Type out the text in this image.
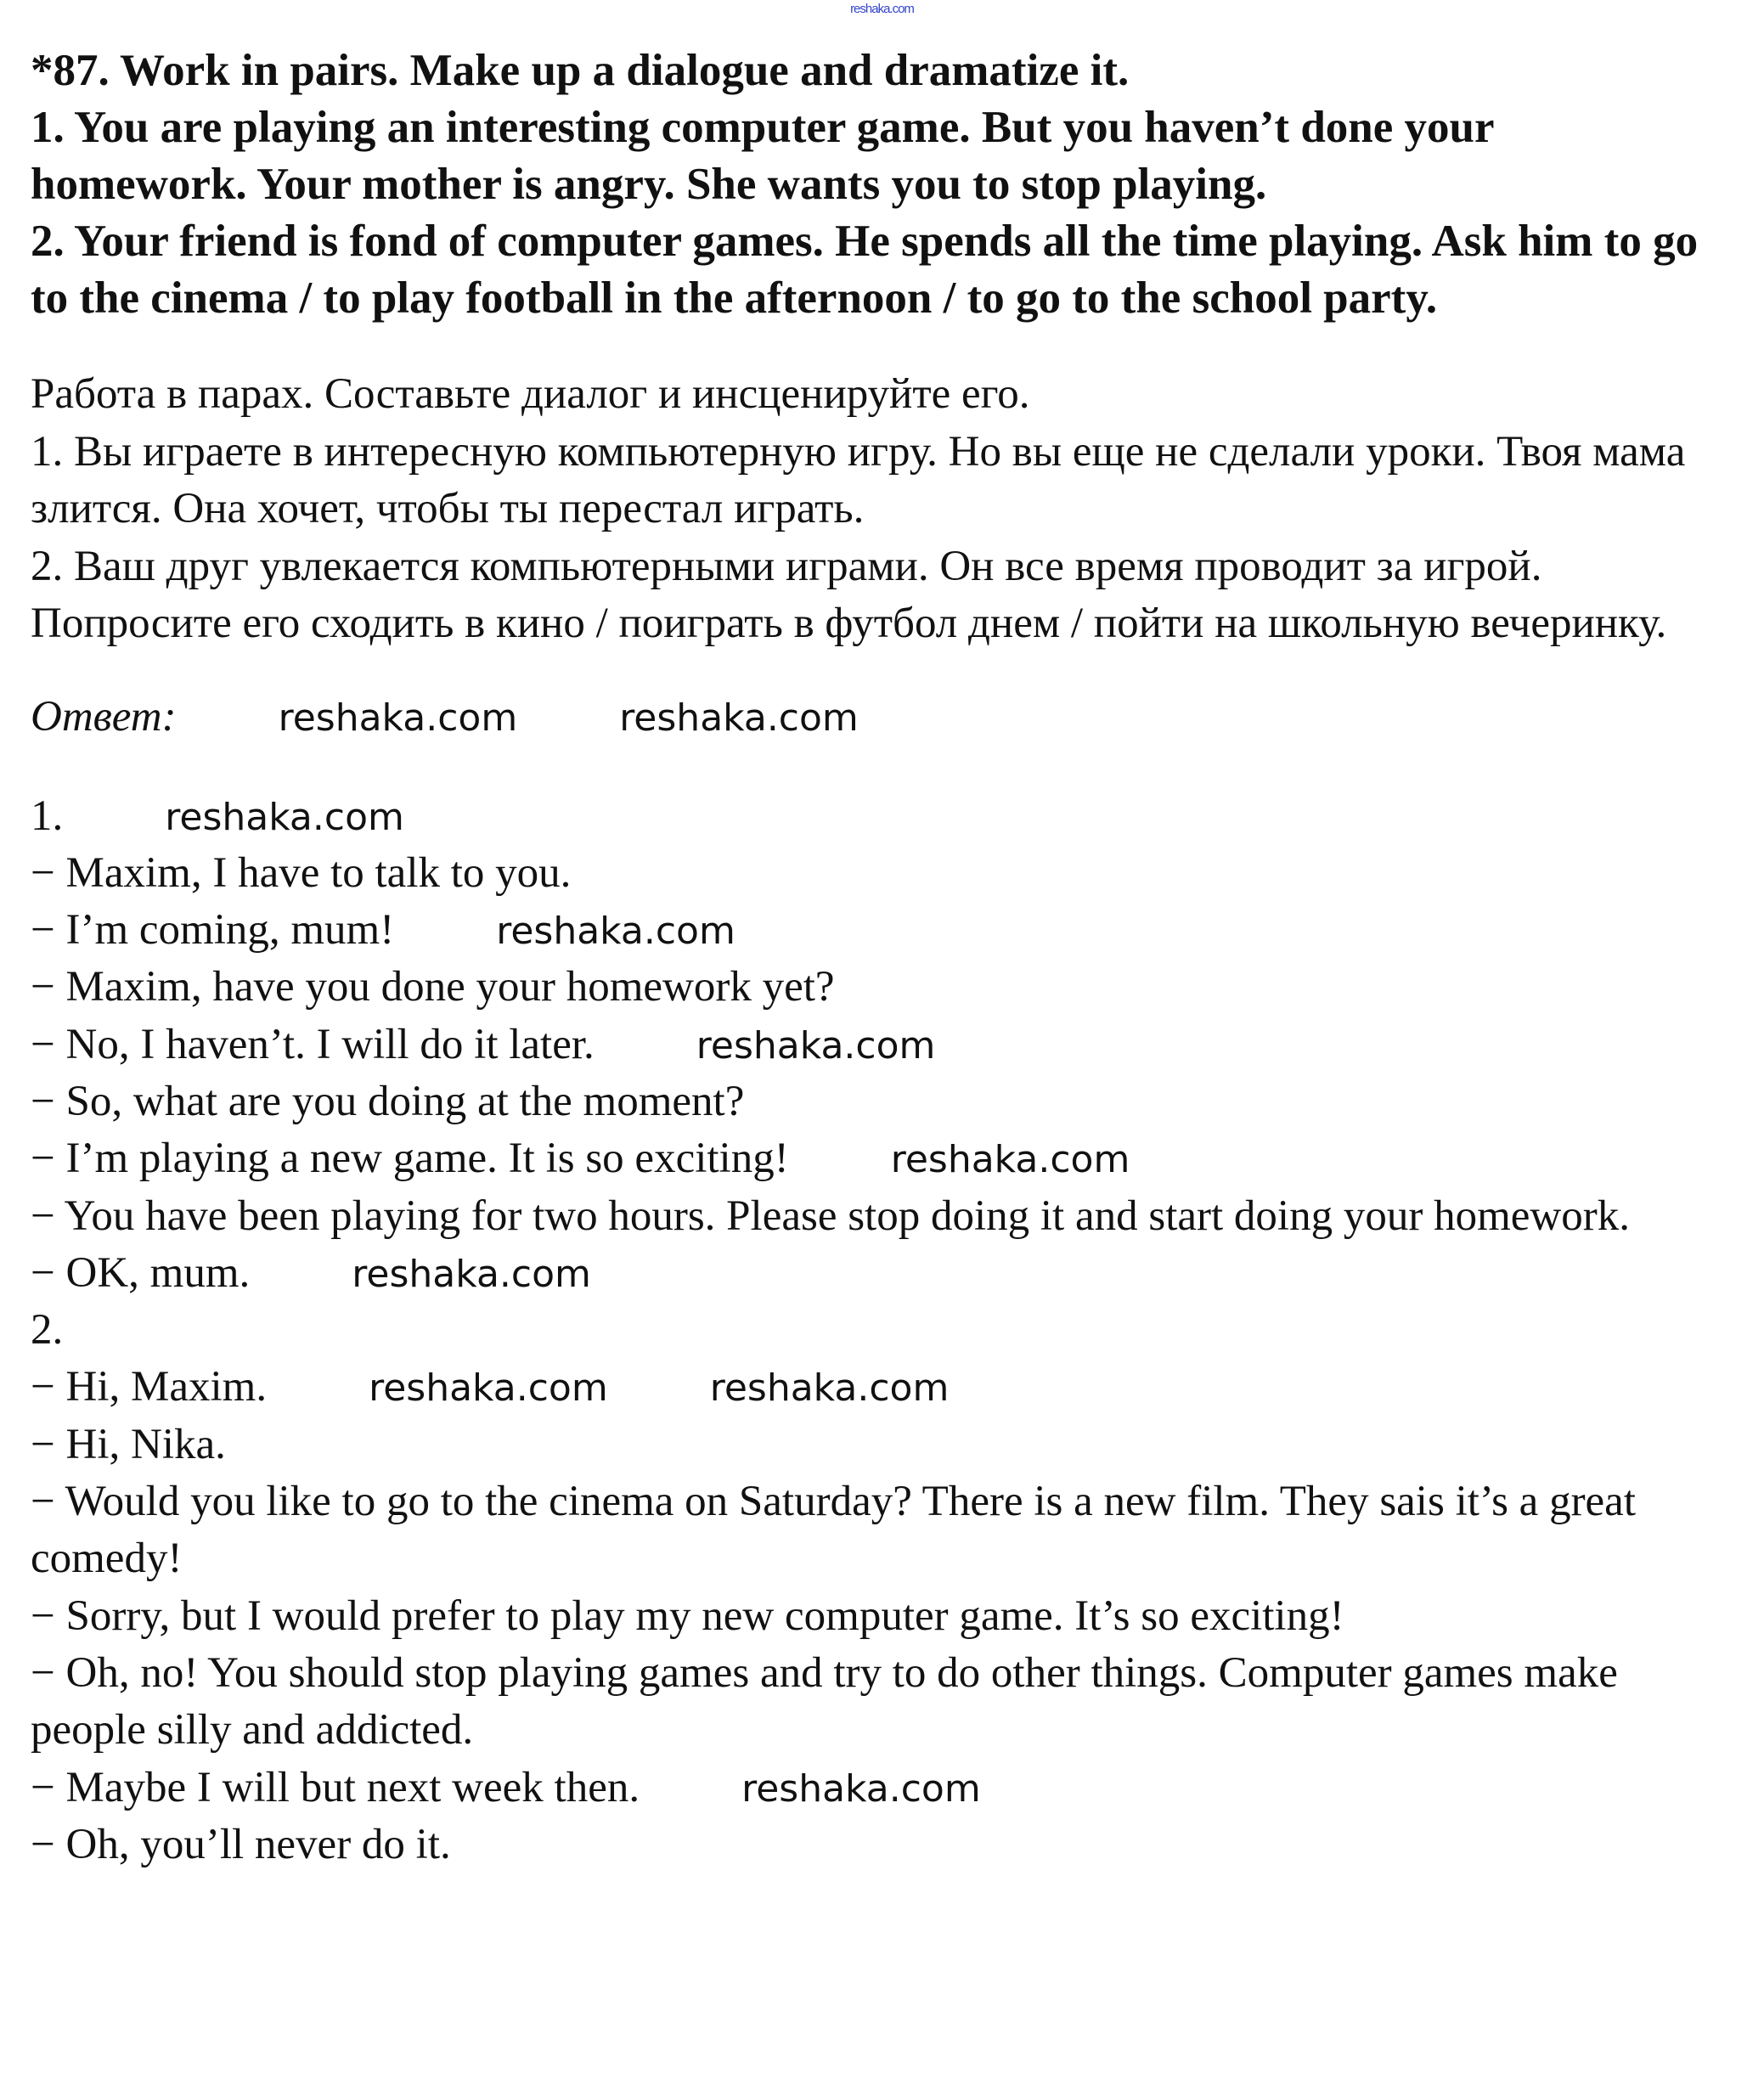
reshaka.com

*87. Work in pairs. Make up a dialogue and dramatize it.

1. You are playing an interesting computer game. But you haven’t done your homework. Your mother is angry. She wants you to stop playing.

2. Your friend is fond of computer games. He spends all the time playing. Ask him to go to the cinema / to play football in the afternoon / to go to the school party.

Работа в парах. Составьте диалог и инсценируйте его.

1. Вы играете в интересную компьютерную игру. Но вы еще не сделали уроки. Твоя мама злится. Она хочет, чтобы ты перестал играть.

2. Ваш друг увлекается компьютерными играми. Он все время проводит за игрой. Попросите его сходить в кино / поиграть в футбол днем / пойти на школьную вечеринку.

Ответ:	reshaka.com	reshaka.com

1.	reshaka.com

− Maxim, I have to talk to you.

− I’m coming, mum!	reshaka.com

− Maxim, have you done your homework yet?

− No, I haven’t. I will do it later.	reshaka.com

− So, what are you doing at the moment?

− I’m playing a new game. It is so exciting!	reshaka.com

− You have been playing for two hours. Please stop doing it and start doing your homework.

− OK, mum.	reshaka.com

2.

− Hi, Maxim.	reshaka.com	reshaka.com

− Hi, Nika.

− Would you like to go to the cinema on Saturday? There is a new film. They sais it’s a great comedy!

− Sorry, but I would prefer to play my new computer game. It’s so exciting!

− Oh, no! You should stop playing games and try to do other things. Computer games make people silly and addicted.

− Maybe I will but next week then.	reshaka.com

− Oh, you’ll never do it.
